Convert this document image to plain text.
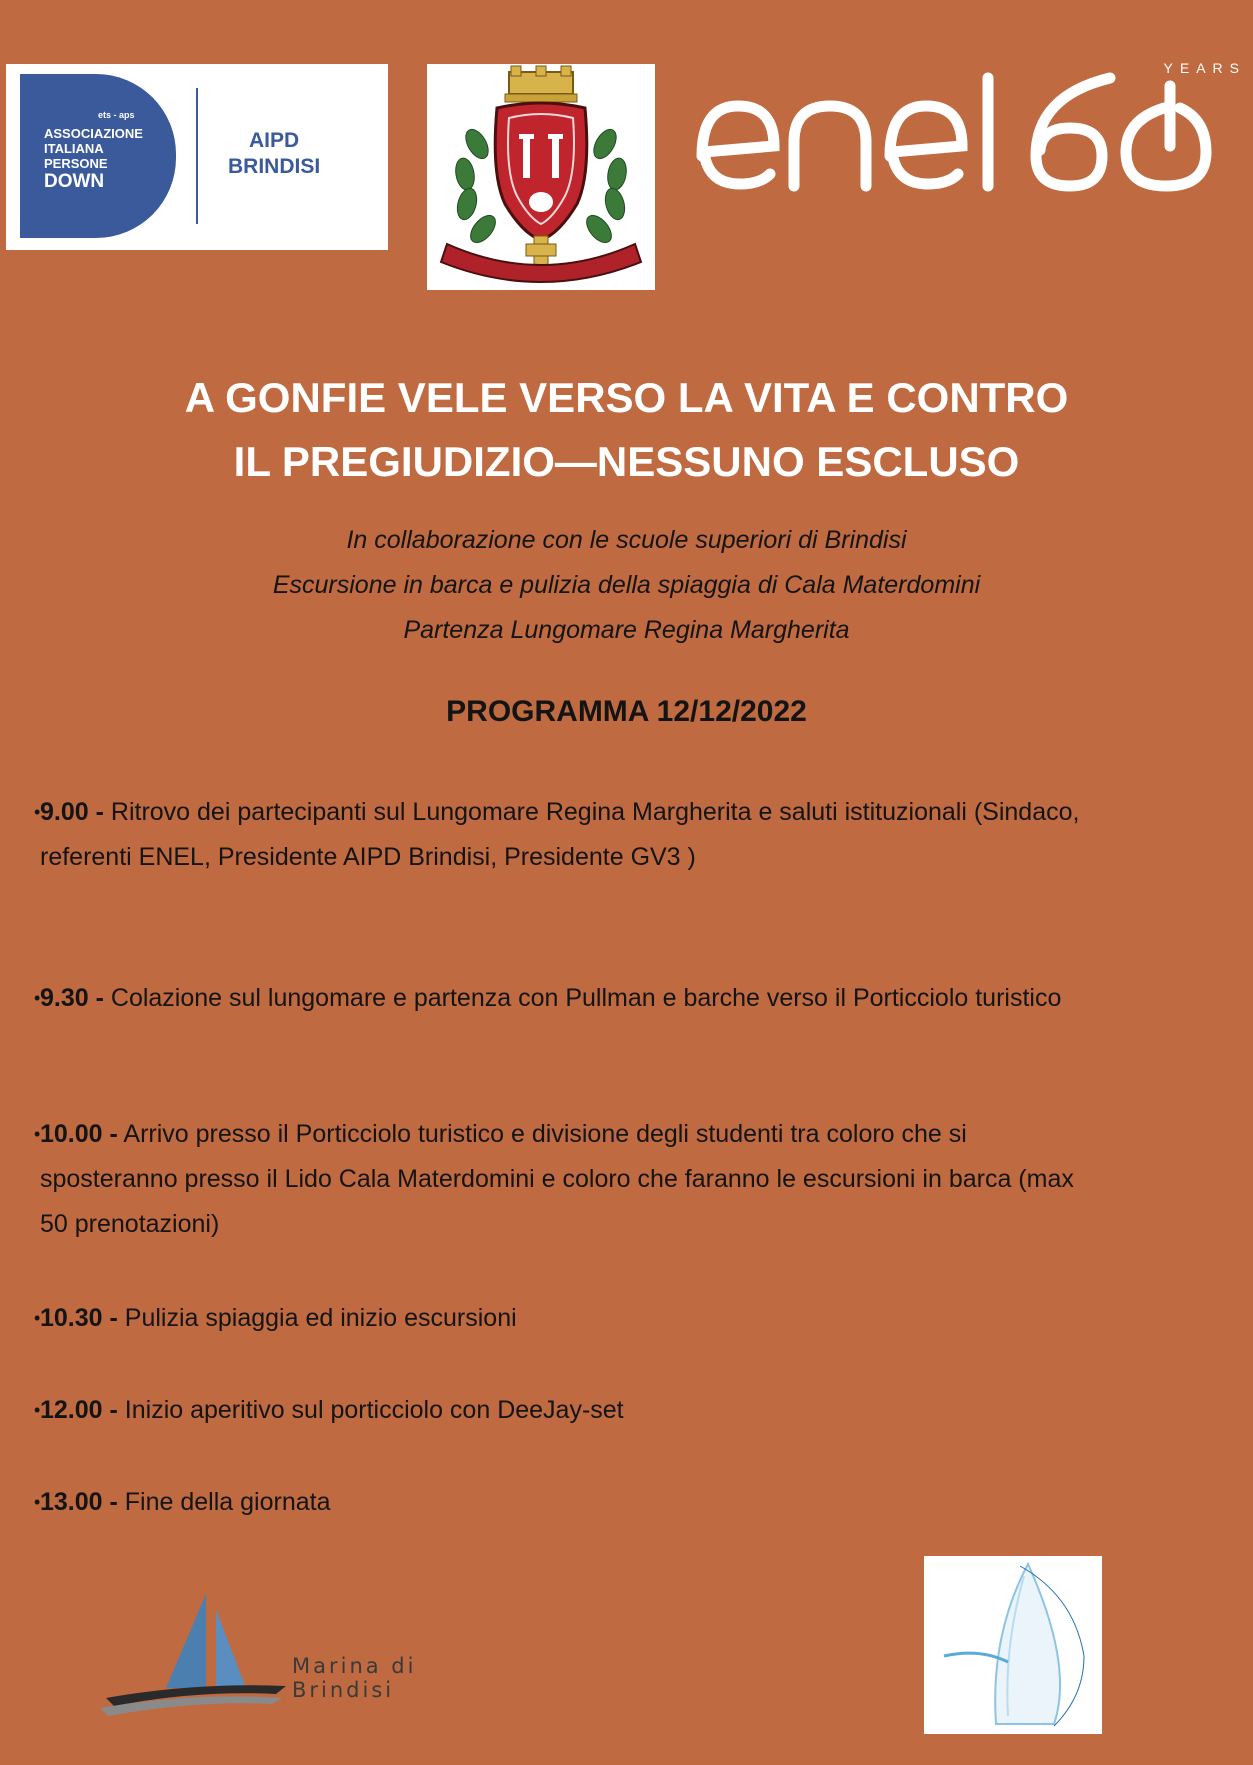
ets - aps
ASSOCIAZIONE
ITALIANA
PERSONE
DOWN
AIPD
BRINDISI
YEARS
A GONFIE VELE VERSO LA VITA E CONTRO
IL PREGIUDIZIO—NESSUNO ESCLUSO
In collaborazione con le scuole superiori di Brindisi
Escursione in barca e pulizia della spiaggia di Cala Materdomini
Partenza Lungomare Regina Margherita
PROGRAMMA 12/12/2022
• 9.00 - Ritrovo dei partecipanti sul Lungomare Regina Margherita e saluti istituzionali (Sindaco, referenti ENEL, Presidente AIPD Brindisi, Presidente GV3 )
• 9.30 - Colazione sul lungomare e partenza con Pullman e barche verso il Porticciolo turistico
• 10.00 - Arrivo presso il Porticciolo turistico e divisione degli studenti tra coloro che si sposteranno presso il Lido Cala Materdomini e coloro che faranno le escursioni in barca (max 50 prenotazioni)
• 10.30 - Pulizia spiaggia ed inizio escursioni
• 12.00 - Inizio aperitivo sul porticciolo con DeeJay-set
• 13.00 - Fine della giornata
Marina di
Brindisi
